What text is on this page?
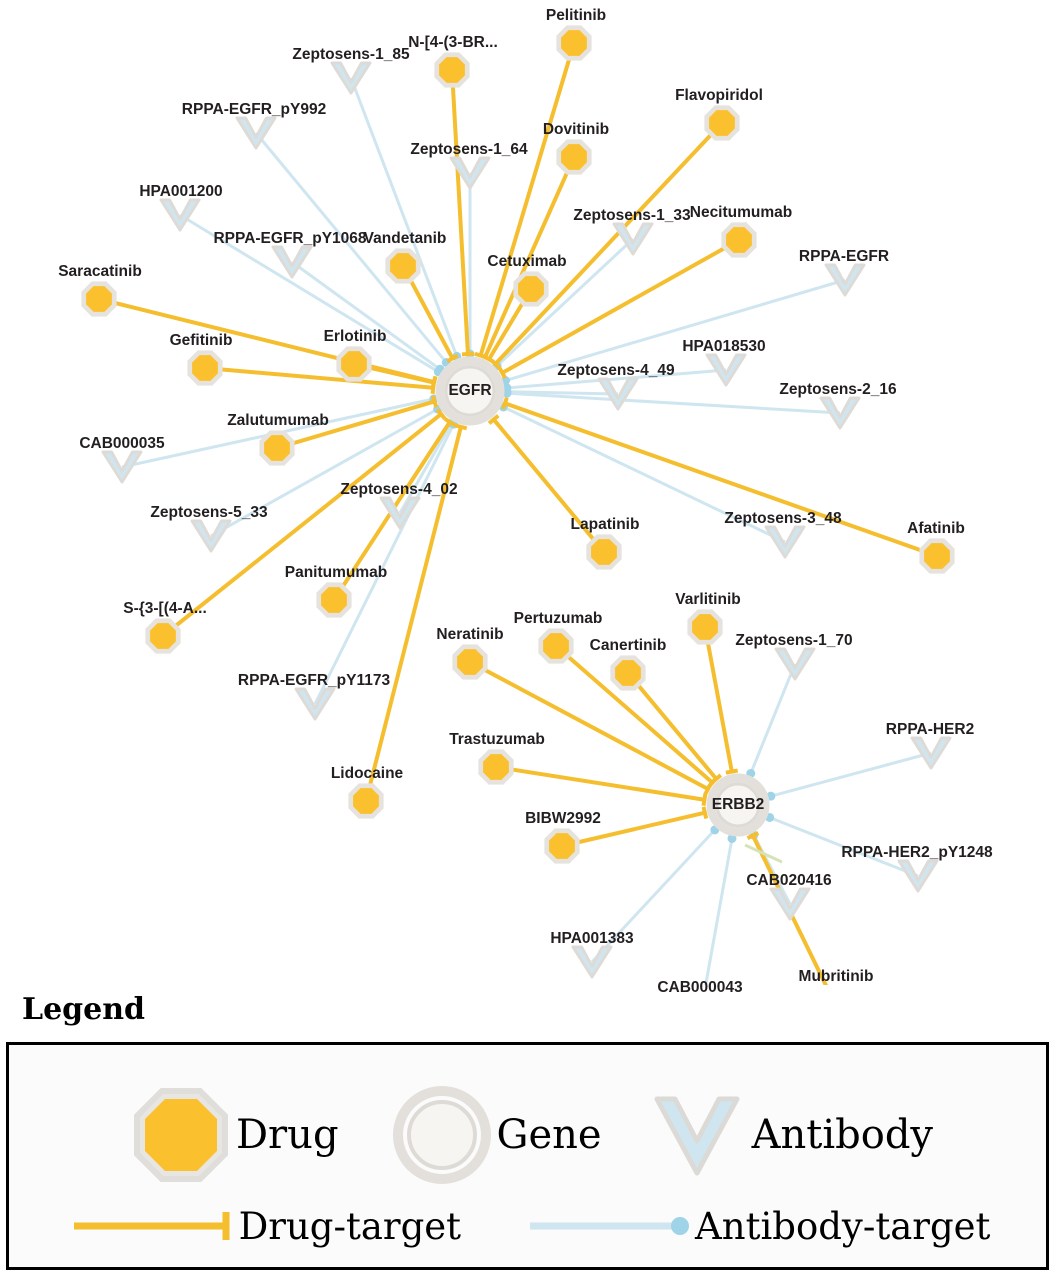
EGFR
ERBB2
Pelitinib
N-[4-(3-BR...
Flavopiridol
Dovitinib
Necitumumab
Vandetanib
Cetuximab
Saracatinib
Erlotinib
Gefitinib
Zalutumumab
Afatinib
Lapatinib
Varlitinib
Panitumumab
S-{3-[(4-A...
Pertuzumab
Neratinib
Canertinib
Trastuzumab
Lidocaine
BIBW2992
Mubritinib
Zeptosens-1_85
RPPA-EGFR_pY992
Zeptosens-1_64
HPA001200
Zeptosens-1_33
RPPA-EGFR_pY1068
RPPA-EGFR
HPA018530
Zeptosens-4_49
Zeptosens-2_16
CAB000035
Zeptosens-4_02
Zeptosens-5_33	Zeptosens-3_48
Zeptosens-1_70
RPPA-EGFR_pY1173
RPPA-HER2
RPPA-HER2_pY1248
CAB020416
HPA001383
CAB000043
Legend
Drug	Gene	Antibody
Drug-target	Antibody-target
